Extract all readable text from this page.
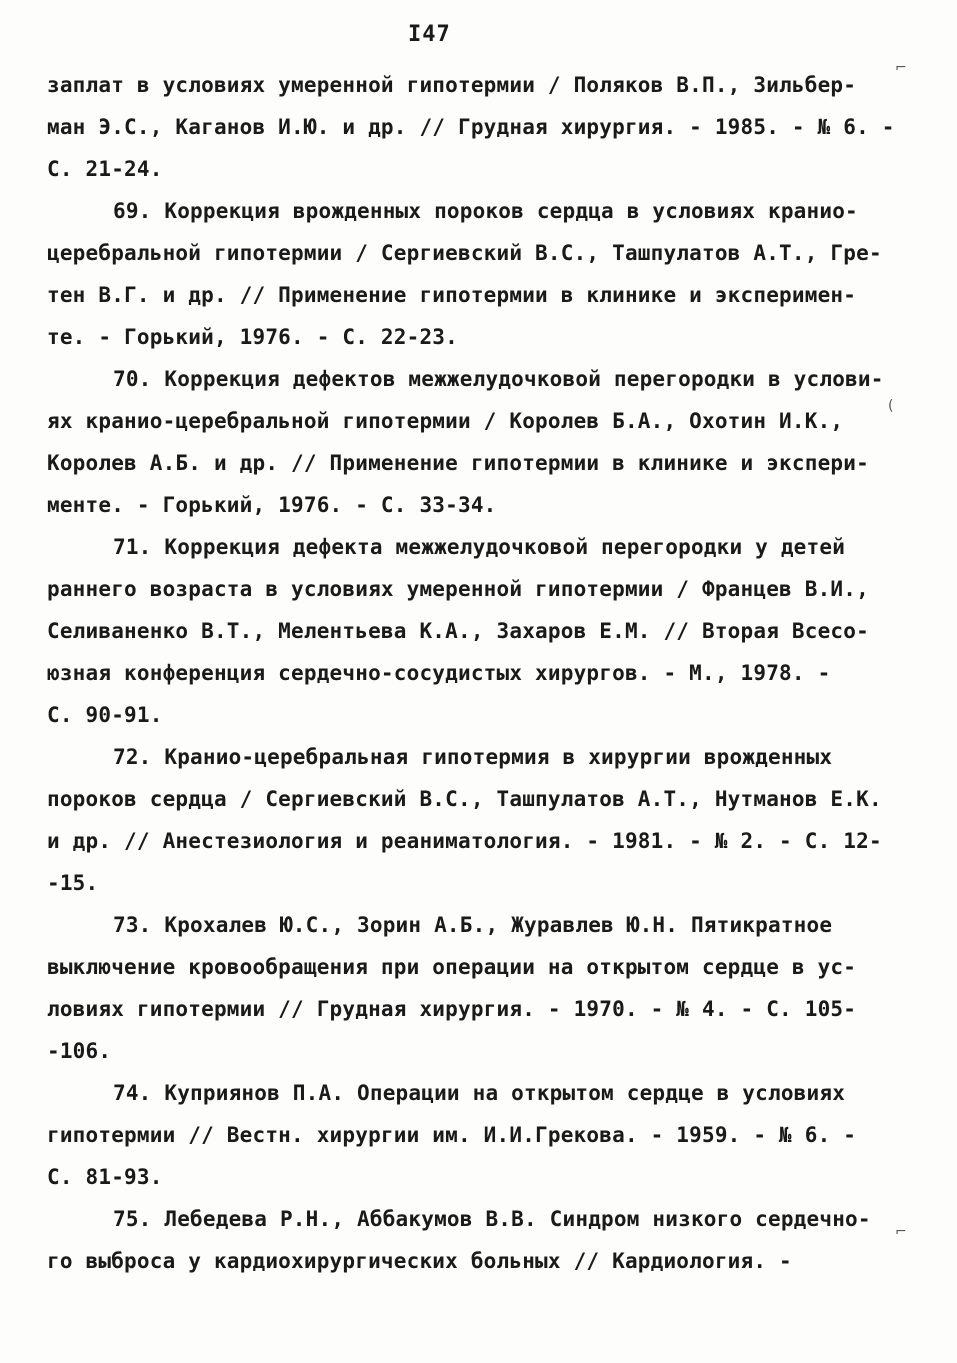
I47
заплат в условиях умеренной гипотермии / Поляков В.П., Зильбер-
ман Э.С., Каганов И.Ю. и др. // Грудная хирургия. - 1985. - № 6. -
С. 21-24.
69. Коррекция врожденных пороков сердца в условиях кранио-
церебральной гипотермии / Сергиевский В.С., Ташпулатов А.Т., Гре-
тен В.Г. и др. // Применение гипотермии в клинике и эксперимен-
те. - Горький, 1976. - С. 22-23.
70. Коррекция дефектов межжелудочковой перегородки в услови-
ях кранио-церебральной гипотермии / Королев Б.А., Охотин И.К.,
Королев А.Б. и др. // Применение гипотермии в клинике и экспери-
менте. - Горький, 1976. - С. 33-34.
71. Коррекция дефекта межжелудочковой перегородки у детей
раннего возраста в условиях умеренной гипотермии / Францев В.И.,
Селиваненко В.Т., Мелентьева К.А., Захаров Е.М. // Вторая Всесо-
юзная конференция сердечно-сосудистых хирургов. - М., 1978. -
С. 90-91.
72. Кранио-церебральная гипотермия в хирургии врожденных
пороков сердца / Сергиевский В.С., Ташпулатов А.Т., Нутманов Е.К.
и др. // Анестезиология и реаниматология. - 1981. - № 2. - С. 12-
-15.
73. Крохалев Ю.С., Зорин А.Б., Журавлев Ю.Н. Пятикратное
выключение кровообращения при операции на открытом сердце в ус-
ловиях гипотермии // Грудная хирургия. - 1970. - № 4. - С. 105-
-106.
74. Куприянов П.А. Операции на открытом сердце в условиях
гипотермии // Вестн. хирургии им. И.И.Грекова. - 1959. - № 6. -
С. 81-93.
75. Лебедева Р.Н., Аббакумов В.В. Синдром низкого сердечно-
го выброса у кардиохирургических больных // Кардиология. -
⌐
(
⌐
